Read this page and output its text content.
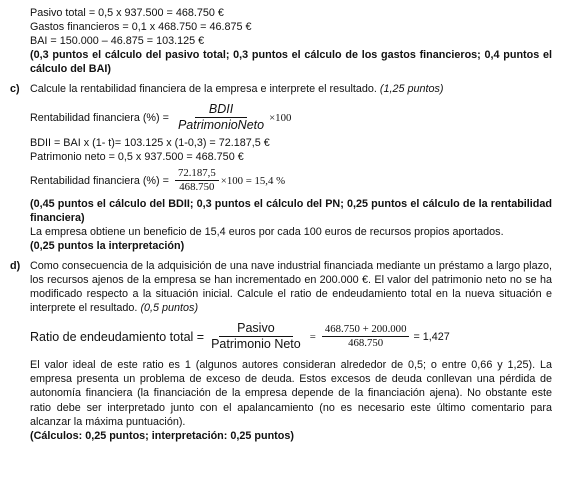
Pasivo total = 0,5 x 937.500 = 468.750 €
Gastos financieros = 0,1 x 468.750 = 46.875 €
BAI = 150.000 – 46.875 = 103.125 €
(0,3 puntos el cálculo del pasivo total; 0,3 puntos el cálculo de los gastos financieros; 0,4 puntos el cálculo del BAI)
c) Calcule la rentabilidad financiera de la empresa e interprete el resultado. (1,25 puntos)
Rentabilidad financiera (%) = $\frac{\text{BDII}}{\text{PatrimonioNeto}} \times 100$
BDII = BAI x (1- t)= 103.125 x (1-0,3) = 72.187,5 €
Patrimonio neto = 0,5 x 937.500 = 468.750 €
Rentabilidad financiera (%) = $\frac{72.187,5}{468.750} \times 100 = 15,4$ %
(0,45 puntos el cálculo del BDII; 0,3 puntos el cálculo del PN; 0,25 puntos el cálculo de la rentabilidad financiera)
La empresa obtiene un beneficio de 15,4 euros por cada 100 euros de recursos propios aportados.
(0,25 puntos la interpretación)
d) Como consecuencia de la adquisición de una nave industrial financiada mediante un préstamo a largo plazo, los recursos ajenos de la empresa se han incrementado en 200.000 €. El valor del patrimonio neto no se ha modificado respecto a la situación inicial. Calcule el ratio de endeudamiento total en la nueva situación e interprete el resultado. (0,5 puntos)
Ratio de endeudamiento total = $\frac{\text{Pasivo}}{\text{Patrimonio Neto}} = \frac{468.750 + 200.000}{468.750} = 1,427$
El valor ideal de este ratio es 1 (algunos autores consideran alrededor de 0,5; o entre 0,66 y 1,25). La empresa presenta un problema de exceso de deuda. Estos excesos de deuda conllevan una pérdida de autonomía financiera (la financiación de la empresa depende de la financiación ajena). No obstante este ratio debe ser interpretado junto con el apalancamiento (no es necesario este último comentario para alcanzar la máxima puntuación).
(Cálculos: 0,25 puntos; interpretación: 0,25 puntos)
